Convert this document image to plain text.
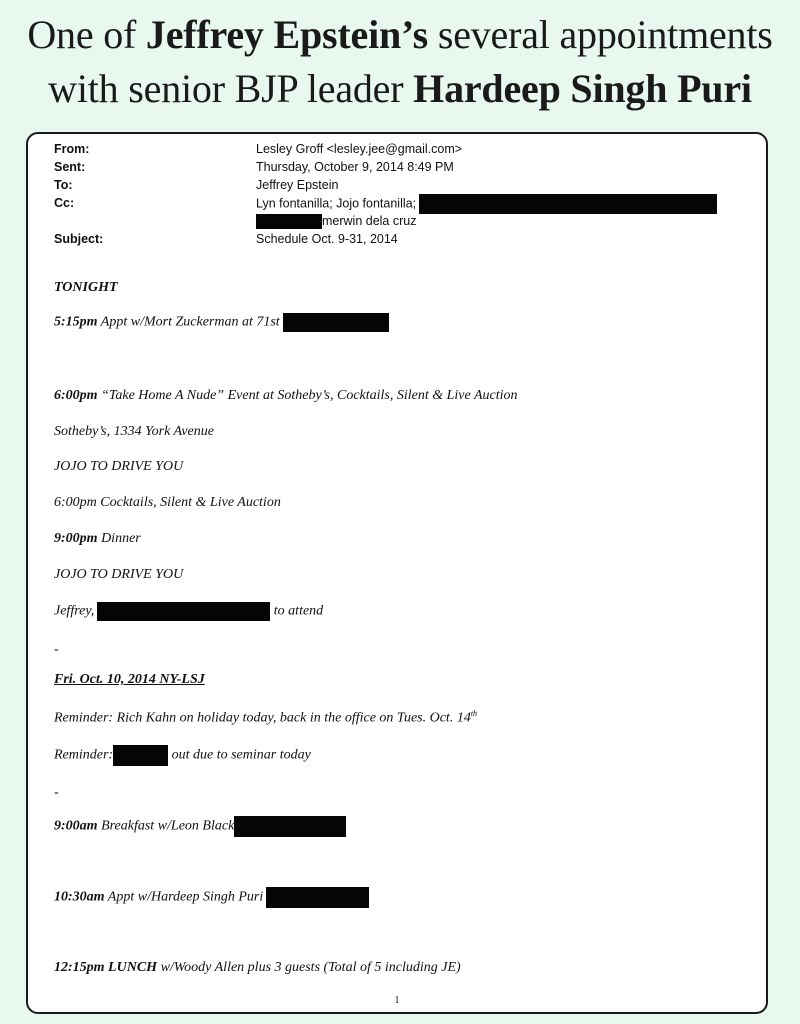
One of Jeffrey Epstein’s several appointments
with senior BJP leader Hardeep Singh Puri
From:	Lesley Groff <lesley.jee@gmail.com>
Sent:	Thursday, October 9, 2014 8:49 PM
To:	Jeffrey Epstein
Cc:	Lyn fontanilla; Jojo fontanilla;
merwin dela cruz
Subject:	Schedule Oct. 9-31, 2014
TONIGHT
5:15pm Appt w/Mort Zuckerman at 71st
6:00pm “Take Home A Nude” Event at Sotheby’s, Cocktails, Silent & Live Auction
Sotheby’s, 1334 York Avenue
JOJO TO DRIVE YOU
6:00pm Cocktails, Silent & Live Auction
9:00pm Dinner
JOJO TO DRIVE YOU
Jeffrey,	to attend
-
Fri. Oct. 10, 2014 NY-LSJ
Reminder: Rich Kahn on holiday today, back in the office on Tues. Oct. 14th
Reminder:	out due to seminar today
-
9:00am Breakfast w/Leon Black
10:30am Appt w/Hardeep Singh Puri
12:15pm LUNCH w/Woody Allen plus 3 guests (Total of 5 including JE)
1
